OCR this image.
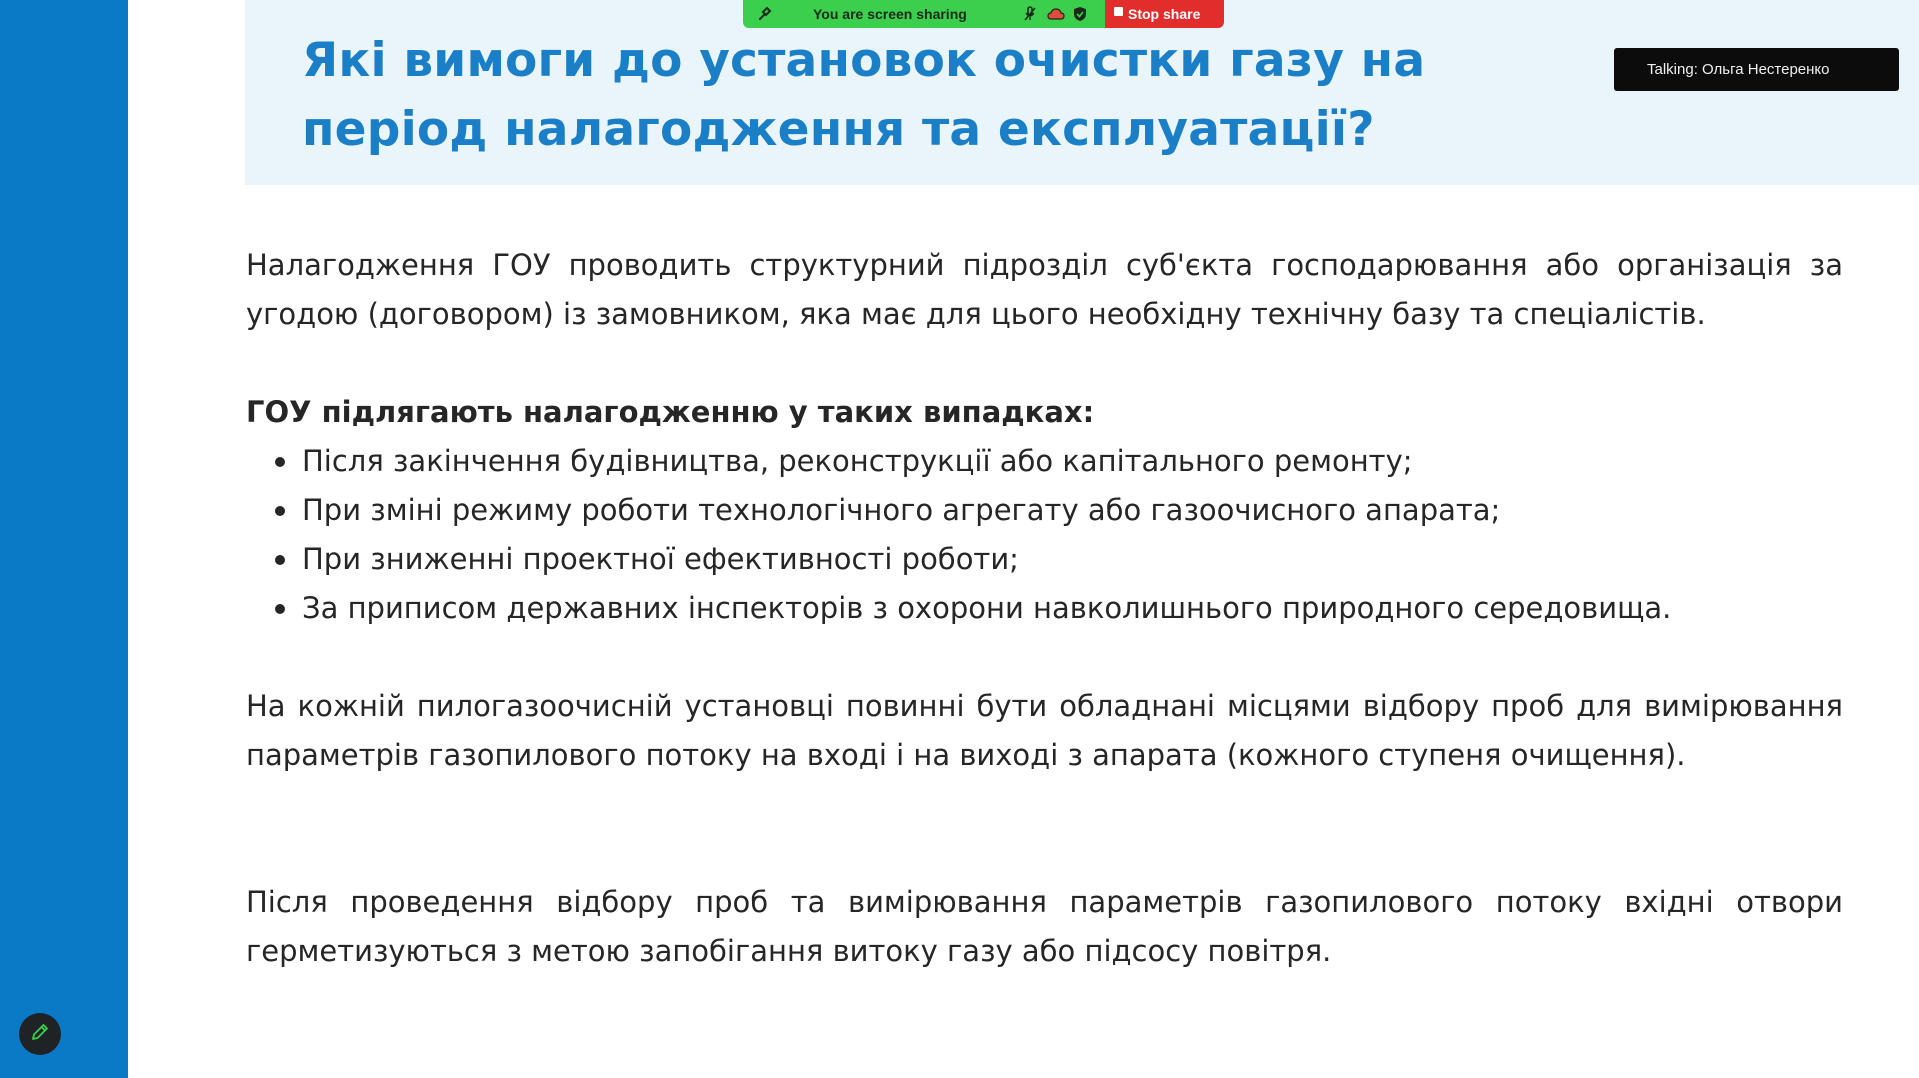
Які вимоги до установок очистки газу на період налагодження та експлуатації?
You are screen sharing	Stop share
Talking: Ольга Нестеренко

Налагодження ГОУ проводить структурний підрозділ суб'єкта господарювання або організація за угодою (договором) із замовником, яка має для цього необхідну технічну базу та спеціалістів.

ГОУ підлягають налагодженню у таких випадках:
Після закінчення будівництва, реконструкції або капітального ремонту;
При зміні режиму роботи технологічного агрегату або газоочисного апарата;
При зниженні проектної ефективності роботи;
За приписом державних інспекторів з охорони навколишнього природного середовища.

На кожній пилогазоочисній установці повинні бути обладнані місцями відбору проб для вимірювання параметрів газопилового потоку на вході і на виході з апарата (кожного ступеня очищення).

Після проведення відбору проб та вимірювання параметрів газопилового потоку вхідні отвори герметизуються з метою запобігання витоку газу або підсосу повітря.
